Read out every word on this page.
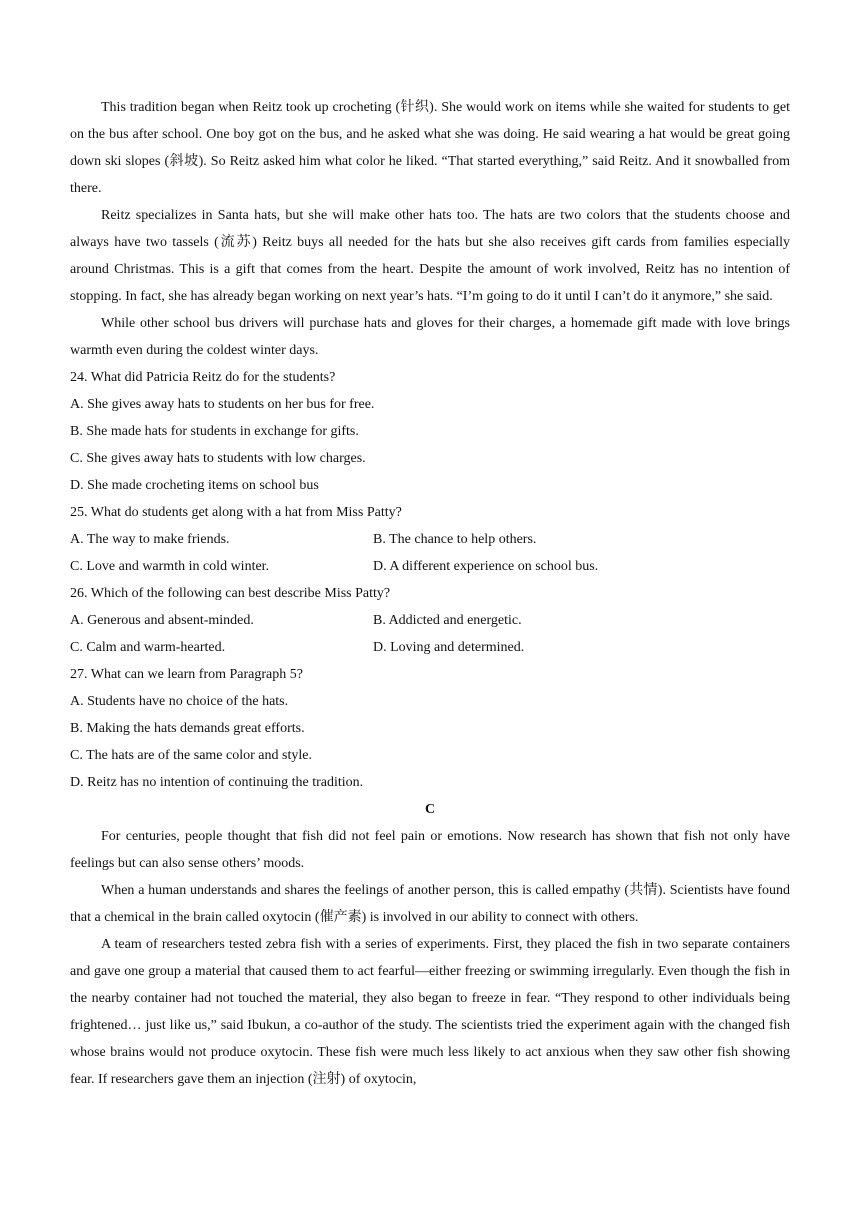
This tradition began when Reitz took up crocheting (针织). She would work on items while she waited for students to get on the bus after school. One boy got on the bus, and he asked what she was doing. He said wearing a hat would be great going down ski slopes (斜坡). So Reitz asked him what color he liked. “That started everything,” said Reitz. And it snowballed from there.

Reitz specializes in Santa hats, but she will make other hats too. The hats are two colors that the students choose and always have two tassels (流苏) Reitz buys all needed for the hats but she also receives gift cards from families especially around Christmas. This is a gift that comes from the heart. Despite the amount of work involved, Reitz has no intention of stopping. In fact, she has already began working on next year’s hats. “I’m going to do it until I can’t do it anymore,” she said.

While other school bus drivers will purchase hats and gloves for their charges, a homemade gift made with love brings warmth even during the coldest winter days.

24. What did Patricia Reitz do for the students?

A. She gives away hats to students on her bus for free.

B. She made hats for students in exchange for gifts.

C. She gives away hats to students with low charges.

D. She made crocheting items on school bus

25. What do students get along with a hat from Miss Patty?

A. The way to make friends.	B. The chance to help others.
C. Love and warmth in cold winter.	D. A different experience on school bus.

26. Which of the following can best describe Miss Patty?

A. Generous and absent-minded.	B. Addicted and energetic.
C. Calm and warm-hearted.	D. Loving and determined.

27. What can we learn from Paragraph 5?

A. Students have no choice of the hats.

B. Making the hats demands great efforts.

C. The hats are of the same color and style.

D. Reitz has no intention of continuing the tradition.

C

For centuries, people thought that fish did not feel pain or emotions. Now research has shown that fish not only have feelings but can also sense others’ moods.

When a human understands and shares the feelings of another person, this is called empathy (共情). Scientists have found that a chemical in the brain called oxytocin (催产素) is involved in our ability to connect with others.

A team of researchers tested zebra fish with a series of experiments. First, they placed the fish in two separate containers and gave one group a material that caused them to act fearful—either freezing or swimming irregularly. Even though the fish in the nearby container had not touched the material, they also began to freeze in fear. “They respond to other individuals being frightened… just like us,” said Ibukun, a co-author of the study. The scientists tried the experiment again with the changed fish whose brains would not produce oxytocin. These fish were much less likely to act anxious when they saw other fish showing fear. If researchers gave them an injection (注射) of oxytocin,
